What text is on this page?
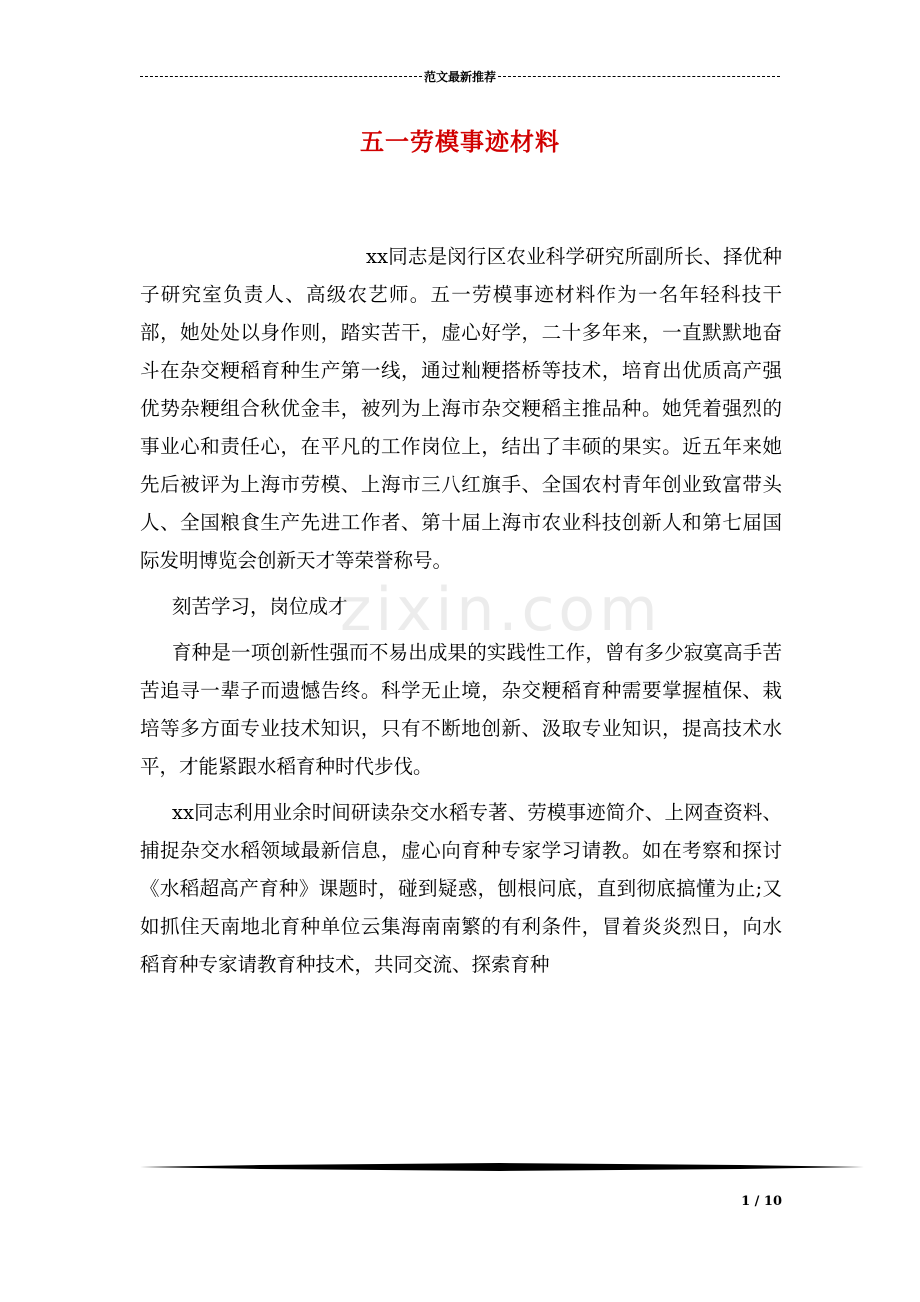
范文最新推荐
五一劳模事迹材料

xx同志是闵行区农业科学研究所副所长、择优种子研究室负责人、高级农艺师。五一劳模事迹材料作为一名年轻科技干部，她处处以身作则，踏实苦干，虚心好学，二十多年来，一直默默地奋斗在杂交粳稻育种生产第一线，通过籼粳搭桥等技术，培育出优质高产强优势杂粳组合秋优金丰，被列为上海市杂交粳稻主推品种。她凭着强烈的事业心和责任心，在平凡的工作岗位上，结出了丰硕的果实。近五年来她先后被评为上海市劳模、上海市三八红旗手、全国农村青年创业致富带头人、全国粮食生产先进工作者、第十届上海市农业科技创新人和第七届国际发明博览会创新天才等荣誉称号。

刻苦学习，岗位成才

育种是一项创新性强而不易出成果的实践性工作，曾有多少寂寞高手苦苦追寻一辈子而遗憾告终。科学无止境，杂交粳稻育种需要掌握植保、栽培等多方面专业技术知识，只有不断地创新、汲取专业知识，提高技术水平，才能紧跟水稻育种时代步伐。

xx同志利用业余时间研读杂交水稻专著、劳模事迹简介、上网查资料、捕捉杂交水稻领域最新信息，虚心向育种专家学习请教。如在考察和探讨《水稻超高产育种》课题时，碰到疑惑，刨根问底，直到彻底搞懂为止;又如抓住天南地北育种单位云集海南南繁的有利条件，冒着炎炎烈日，向水稻育种专家请教育种技术，共同交流、探索育种

zixin.com
1 / 10
